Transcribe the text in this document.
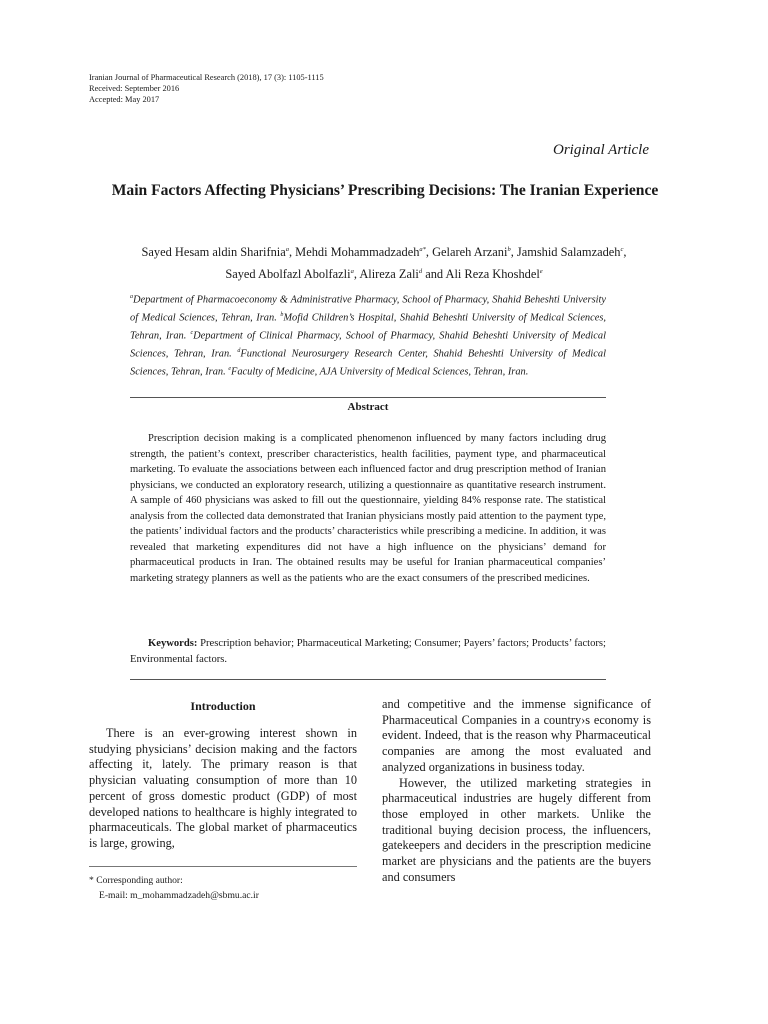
Iranian Journal of Pharmaceutical Research (2018), 17 (3): 1105-1115
Received: September 2016
Accepted: May 2017
Original Article
Main Factors Affecting Physicians’ Prescribing Decisions: The Iranian Experience
Sayed Hesam aldin Sharifnia$^a$, Mehdi Mohammadzadeh$^{a*}$, Gelareh Arzani$^b$, Jamshid Salamzadeh$^c$,
Sayed Abolfazl Abolfazli$^a$, Alireza Zali$^d$ and Ali Reza Khoshdel$^e$
$^a$Department of Pharmacoeconomy & Administrative Pharmacy, School of Pharmacy, Shahid Beheshti University of Medical Sciences, Tehran, Iran. $^b$Mofid Children’s Hospital, Shahid Beheshti University of Medical Sciences, Tehran, Iran. $^c$Department of Clinical Pharmacy, School of Pharmacy, Shahid Beheshti University of Medical Sciences, Tehran, Iran. $^d$Functional Neurosurgery Research Center, Shahid Beheshti University of Medical Sciences, Tehran, Iran. $^e$Faculty of Medicine, AJA University of Medical Sciences, Tehran, Iran.
Abstract
Prescription decision making is a complicated phenomenon influenced by many factors including drug strength, the patient’s context, prescriber characteristics, health facilities, payment type, and pharmaceutical marketing. To evaluate the associations between each influenced factor and drug prescription method of Iranian physicians, we conducted an exploratory research, utilizing a questionnaire as quantitative research instrument. A sample of 460 physicians was asked to fill out the questionnaire, yielding 84% response rate. The statistical analysis from the collected data demonstrated that Iranian physicians mostly paid attention to the payment type, the patients’ individual factors and the products’ characteristics while prescribing a medicine. In addition, it was revealed that marketing expenditures did not have a high influence on the physicians’ demand for pharmaceutical products in Iran. The obtained results may be useful for Iranian pharmaceutical companies’ marketing strategy planners as well as the patients who are the exact consumers of the prescribed medicines.
Keywords: Prescription behavior; Pharmaceutical Marketing; Consumer; Payers’ factors; Products’ factors; Environmental factors.
Introduction

There is an ever-growing interest shown in studying physicians’ decision making and the factors affecting it, lately. The primary reason is that physician valuating consumption of more than 10 percent of gross domestic product (GDP) of most developed nations to healthcare is highly integrated to pharmaceuticals. The global market of pharmaceutics is large, growing,

and competitive and the immense significance of Pharmaceutical Companies in a country›s economy is evident. Indeed, that is the reason why Pharmaceutical companies are among the most evaluated and analyzed organizations in business today.

However, the utilized marketing strategies in pharmaceutical industries are hugely different from those employed in other markets. Unlike the traditional buying decision process, the influencers, gatekeepers and deciders in the prescription medicine market are physicians and the patients are the buyers and consumers

* Corresponding author:
E-mail: m_mohammadzadeh@sbmu.ac.ir
